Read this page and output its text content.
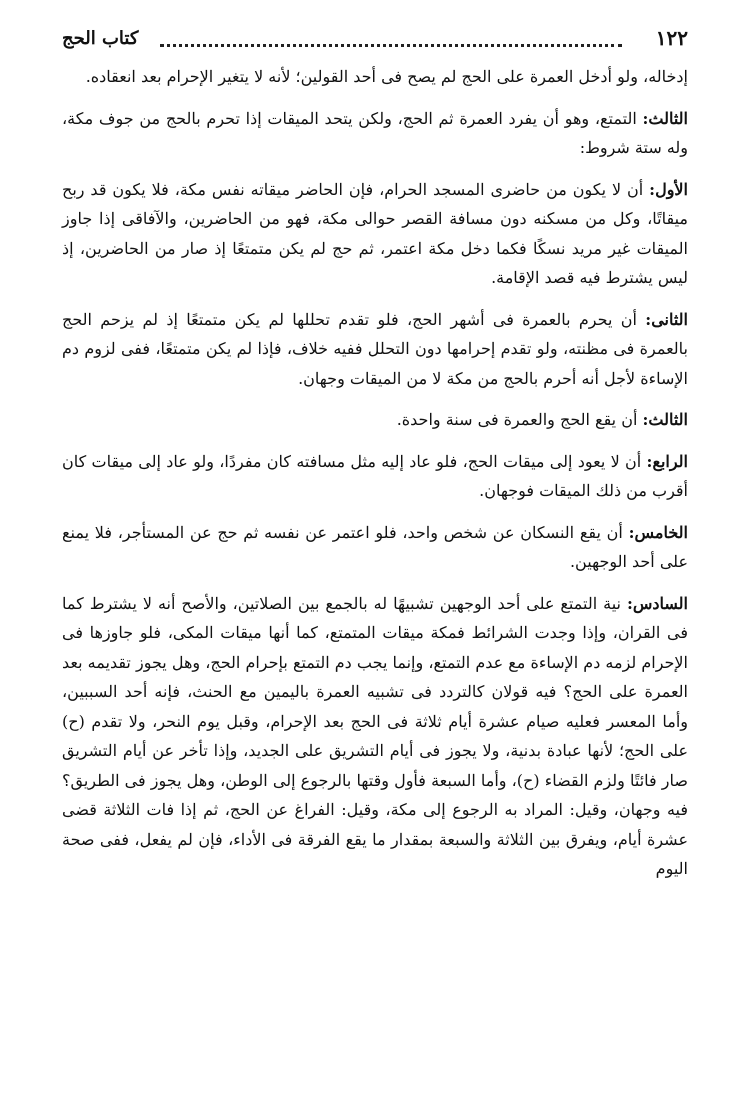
١٢٢
كتاب الحج

إدخاله، ولو أدخل العمرة على الحج لم يصح فى أحد القولين؛ لأنه لا يتغير الإحرام بعد انعقاده.

الثالث: التمتع، وهو أن يفرد العمرة ثم الحج، ولكن يتحد الميقات إذا تحرم بالحج من جوف مكة، وله ستة شروط:

الأول: أن لا يكون من حاضرى المسجد الحرام، فإن الحاضر ميقاته نفس مكة، فلا يكون قد ربح ميقاتًا، وكل من مسكنه دون مسافة القصر حوالى مكة، فهو من الحاضرين، والآفاقى إذا جاوز الميقات غير مريد نسكًا فكما دخل مكة اعتمر، ثم حج لم يكن متمتعًا إذ صار من الحاضرين، إذ ليس يشترط فيه قصد الإقامة.

الثانى: أن يحرم بالعمرة فى أشهر الحج، فلو تقدم تحللها لم يكن متمتعًا إذ لم يزحم الحج بالعمرة فى مظنته، ولو تقدم إحرامها دون التحلل ففيه خلاف، فإذا لم يكن متمتعًا، ففى لزوم دم الإساءة لأجل أنه أحرم بالحج من مكة لا من الميقات وجهان.

الثالث: أن يقع الحج والعمرة فى سنة واحدة.

الرابع: أن لا يعود إلى ميقات الحج، فلو عاد إليه مثل مسافته كان مفردًا، ولو عاد إلى ميقات كان أقرب من ذلك الميقات فوجهان.

الخامس: أن يقع النسكان عن شخص واحد، فلو اعتمر عن نفسه ثم حج عن المستأجر، فلا يمنع على أحد الوجهين.

السادس: نية التمتع على أحد الوجهين تشبيهًا له بالجمع بين الصلاتين، والأصح أنه لا يشترط كما فى القران، وإذا وجدت الشرائط فمكة ميقات المتمتع، كما أنها ميقات المكى، فلو جاوزها فى الإحرام لزمه دم الإساءة مع عدم التمتع، وإنما يجب دم التمتع بإحرام الحج، وهل يجوز تقديمه بعد العمرة على الحج؟ فيه قولان كالتردد فى تشبيه العمرة باليمين مع الحنث، فإنه أحد السببين، وأما المعسر فعليه صيام عشرة أيام ثلاثة فى الحج بعد الإحرام، وقبل يوم النحر، ولا تقدم (ح) على الحج؛ لأنها عبادة بدنية، ولا يجوز فى أيام التشريق على الجديد، وإذا تأخر عن أيام التشريق صار فائتًا ولزم القضاء (ح)، وأما السبعة فأول وقتها بالرجوع إلى الوطن، وهل يجوز فى الطريق؟ فيه وجهان، وقيل: المراد به الرجوع إلى مكة، وقيل: الفراغ عن الحج، ثم إذا فات الثلاثة قضى عشرة أيام، ويفرق بين الثلاثة والسبعة بمقدار ما يقع الفرقة فى الأداء، فإن لم يفعل، ففى صحة اليوم
